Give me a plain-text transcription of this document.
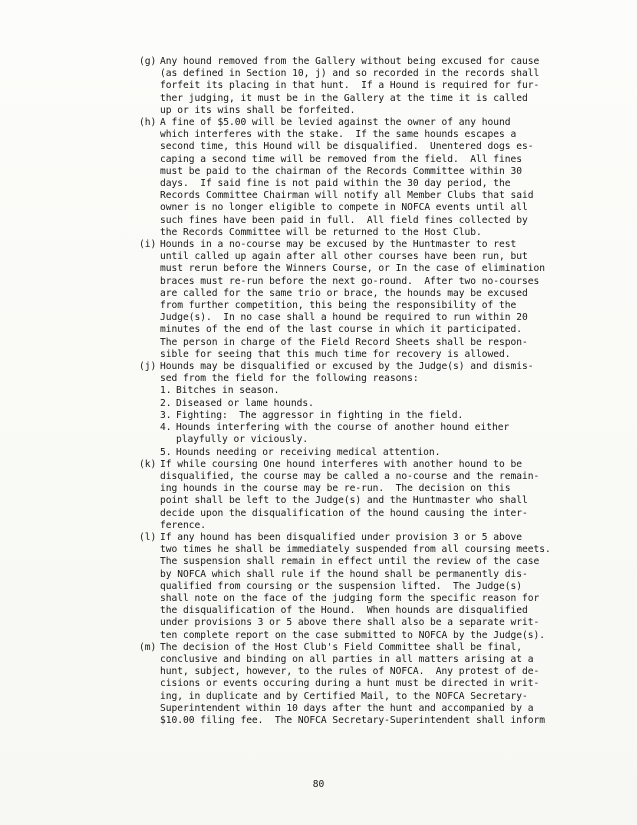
(g) Any hound removed from the Gallery without being excused for cause
(as defined in Section 10, j) and so recorded in the records shall
forfeit its placing in that hunt.  If a Hound is required for fur-
ther judging, it must be in the Gallery at the time it is called
up or its wins shall be forfeited.
(h) A fine of $5.00 will be levied against the owner of any hound
which interferes with the stake.  If the same hounds escapes a
second time, this Hound will be disqualified.  Unentered dogs es-
caping a second time will be removed from the field.  All fines
must be paid to the chairman of the Records Committee within 30
days.  If said fine is not paid within the 30 day period, the
Records Committee Chairman will notify all Member Clubs that said
owner is no longer eligible to compete in NOFCA events until all
such fines have been paid in full.  All field fines collected by
the Records Committee will be returned to the Host Club.
(i) Hounds in a no-course may be excused by the Huntmaster to rest
until called up again after all other courses have been run, but
must rerun before the Winners Course, or In the case of elimination
braces must re-run before the next go-round.  After two no-courses
are called for the same trio or brace, the hounds may be excused
from further competition, this being the responsibility of the
Judge(s).  In no case shall a hound be required to run within 20
minutes of the end of the last course in which it participated.
The person in charge of the Field Record Sheets shall be respon-
sible for seeing that this much time for recovery is allowed.
(j) Hounds may be disqualified or excused by the Judge(s) and dismis-
sed from the field for the following reasons:
1. Bitches in season.
2. Diseased or lame hounds.
3. Fighting:  The aggressor in fighting in the field.
4. Hounds interfering with the course of another hound either
playfully or viciously.
5. Hounds needing or receiving medical attention.
(k) If while coursing One hound interferes with another hound to be
disqualified, the course may be called a no-course and the remain-
ing hounds in the course may be re-run.  The decision on this
point shall be left to the Judge(s) and the Huntmaster who shall
decide upon the disqualification of the hound causing the inter-
ference.
(l) If any hound has been disqualified under provision 3 or 5 above
two times he shall be immediately suspended from all coursing meets.
The suspension shall remain in effect until the review of the case
by NOFCA which shall rule if the hound shall be permanently dis-
qualified from coursing or the suspension lifted.  The Judge(s)
shall note on the face of the judging form the specific reason for
the disqualification of the Hound.  When hounds are disqualified
under provisions 3 or 5 above there shall also be a separate writ-
ten complete report on the case submitted to NOFCA by the Judge(s).
(m) The decision of the Host Club's Field Committee shall be final,
conclusive and binding on all parties in all matters arising at a
hunt, subject, however, to the rules of NOFCA.  Any protest of de-
cisions or events occuring during a hunt must be directed in writ-
ing, in duplicate and by Certified Mail, to the NOFCA Secretary-
Superintendent within 10 days after the hunt and accompanied by a
$10.00 filing fee.  The NOFCA Secretary-Superintendent shall inform
80
